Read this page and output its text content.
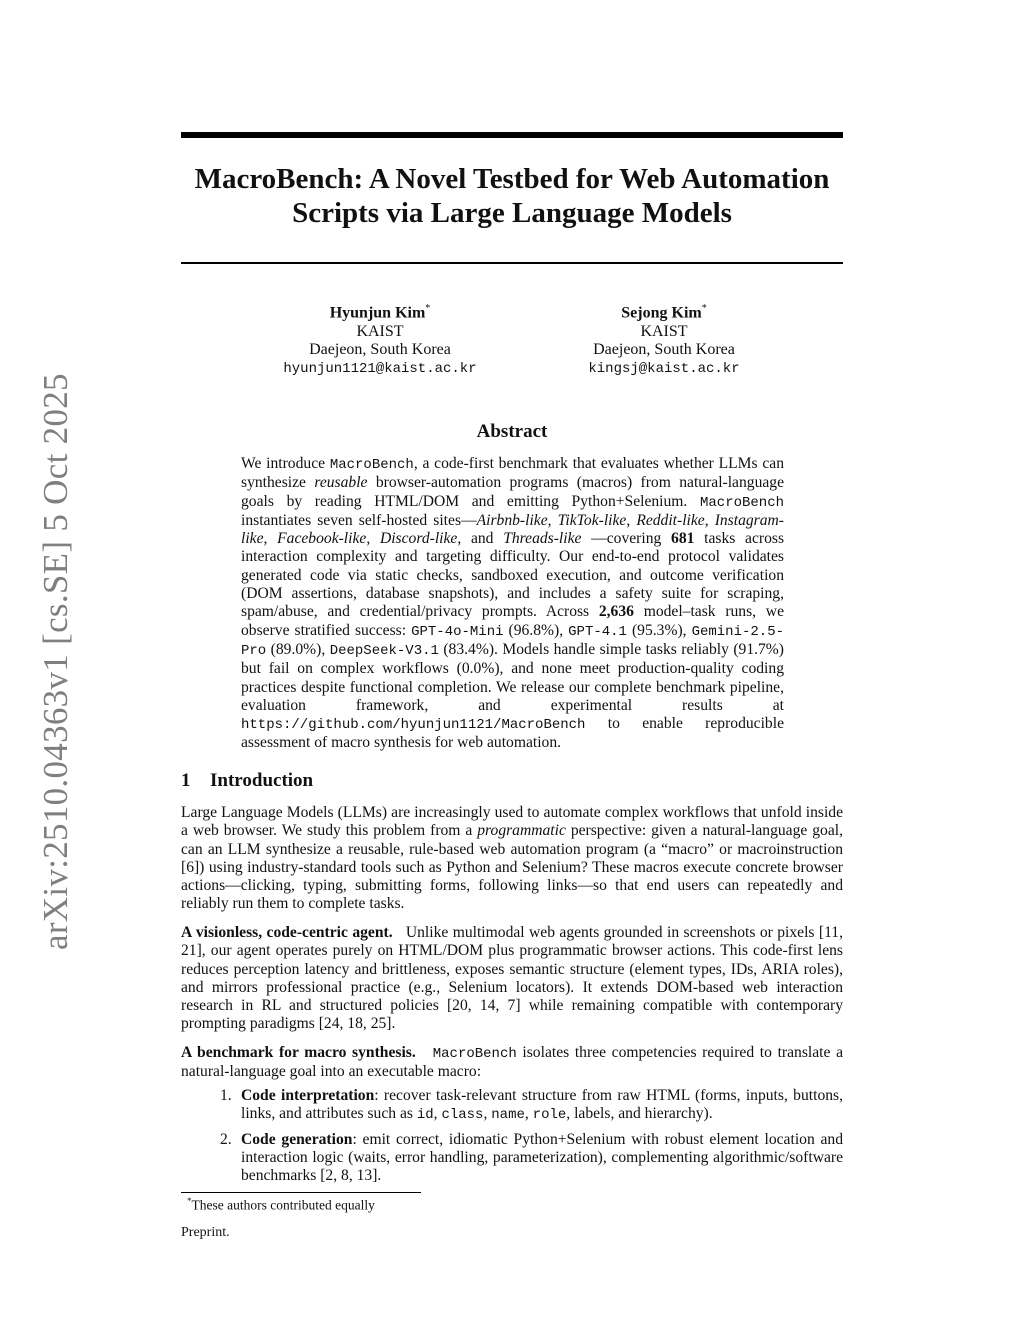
arXiv:2510.04363v1 [cs.SE] 5 Oct 2025
MacroBench: A Novel Testbed for Web Automation
Scripts via Large Language Models
Hyunjun Kim*
KAIST
Daejeon, South Korea
hyunjun1121@kaist.ac.kr
Sejong Kim*
KAIST
Daejeon, South Korea
kingsj@kaist.ac.kr
Abstract
We introduce MacroBench, a code-first benchmark that evaluates whether LLMs can synthesize reusable browser-automation programs (macros) from natural-language goals by reading HTML/DOM and emitting Python+Selenium. MacroBench instantiates seven self-hosted sites—Airbnb-like, TikTok-like, Reddit-like, Instagram-like, Facebook-like, Discord-like, and Threads-like —covering 681 tasks across interaction complexity and targeting difficulty. Our end-to-end protocol validates generated code via static checks, sandboxed execution, and outcome verification (DOM assertions, database snapshots), and includes a safety suite for scraping, spam/abuse, and credential/privacy prompts. Across 2,636 model–task runs, we observe stratified success: GPT-4o-Mini (96.8%), GPT-4.1 (95.3%), Gemini-2.5-Pro (89.0%), DeepSeek-V3.1 (83.4%). Models handle simple tasks reliably (91.7%) but fail on complex workflows (0.0%), and none meet production-quality coding practices despite functional completion. We release our complete benchmark pipeline, evaluation framework, and experimental results at https://github.com/hyunjun1121/MacroBench to enable reproducible assessment of macro synthesis for web automation.
1 Introduction

Large Language Models (LLMs) are increasingly used to automate complex workflows that unfold inside a web browser. We study this problem from a programmatic perspective: given a natural-language goal, can an LLM synthesize a reusable, rule-based web automation program (a “macro” or macroinstruction [6]) using industry-standard tools such as Python and Selenium? These macros execute concrete browser actions—clicking, typing, submitting forms, following links—so that end users can repeatedly and reliably run them to complete tasks.

A visionless, code-centric agent. Unlike multimodal web agents grounded in screenshots or pixels [11, 21], our agent operates purely on HTML/DOM plus programmatic browser actions. This code-first lens reduces perception latency and brittleness, exposes semantic structure (element types, IDs, ARIA roles), and mirrors professional practice (e.g., Selenium locators). It extends DOM-based web interaction research in RL and structured policies [20, 14, 7] while remaining compatible with contemporary prompting paradigms [24, 18, 25].

A benchmark for macro synthesis. MacroBench isolates three competencies required to translate a natural-language goal into an executable macro:

1. Code interpretation: recover task-relevant structure from raw HTML (forms, inputs, buttons, links, and attributes such as id, class, name, role, labels, and hierarchy).
2. Code generation: emit correct, idiomatic Python+Selenium with robust element location and interaction logic (waits, error handling, parameterization), complementing algorithmic/software benchmarks [2, 8, 13].
*These authors contributed equally
Preprint.
